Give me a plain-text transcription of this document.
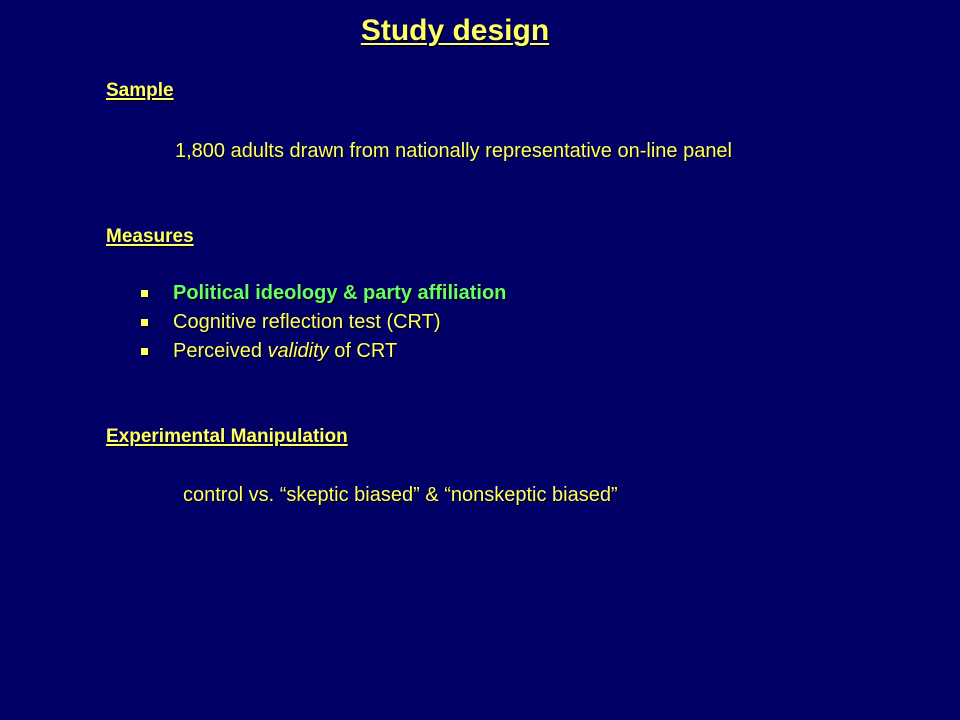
Study design
Sample
1,800 adults drawn from nationally representative on-line panel
Measures
Political ideology & party affiliation
Cognitive reflection test (CRT)
Perceived validity of CRT
Experimental Manipulation
control vs. “skeptic biased” & “nonskeptic biased”
